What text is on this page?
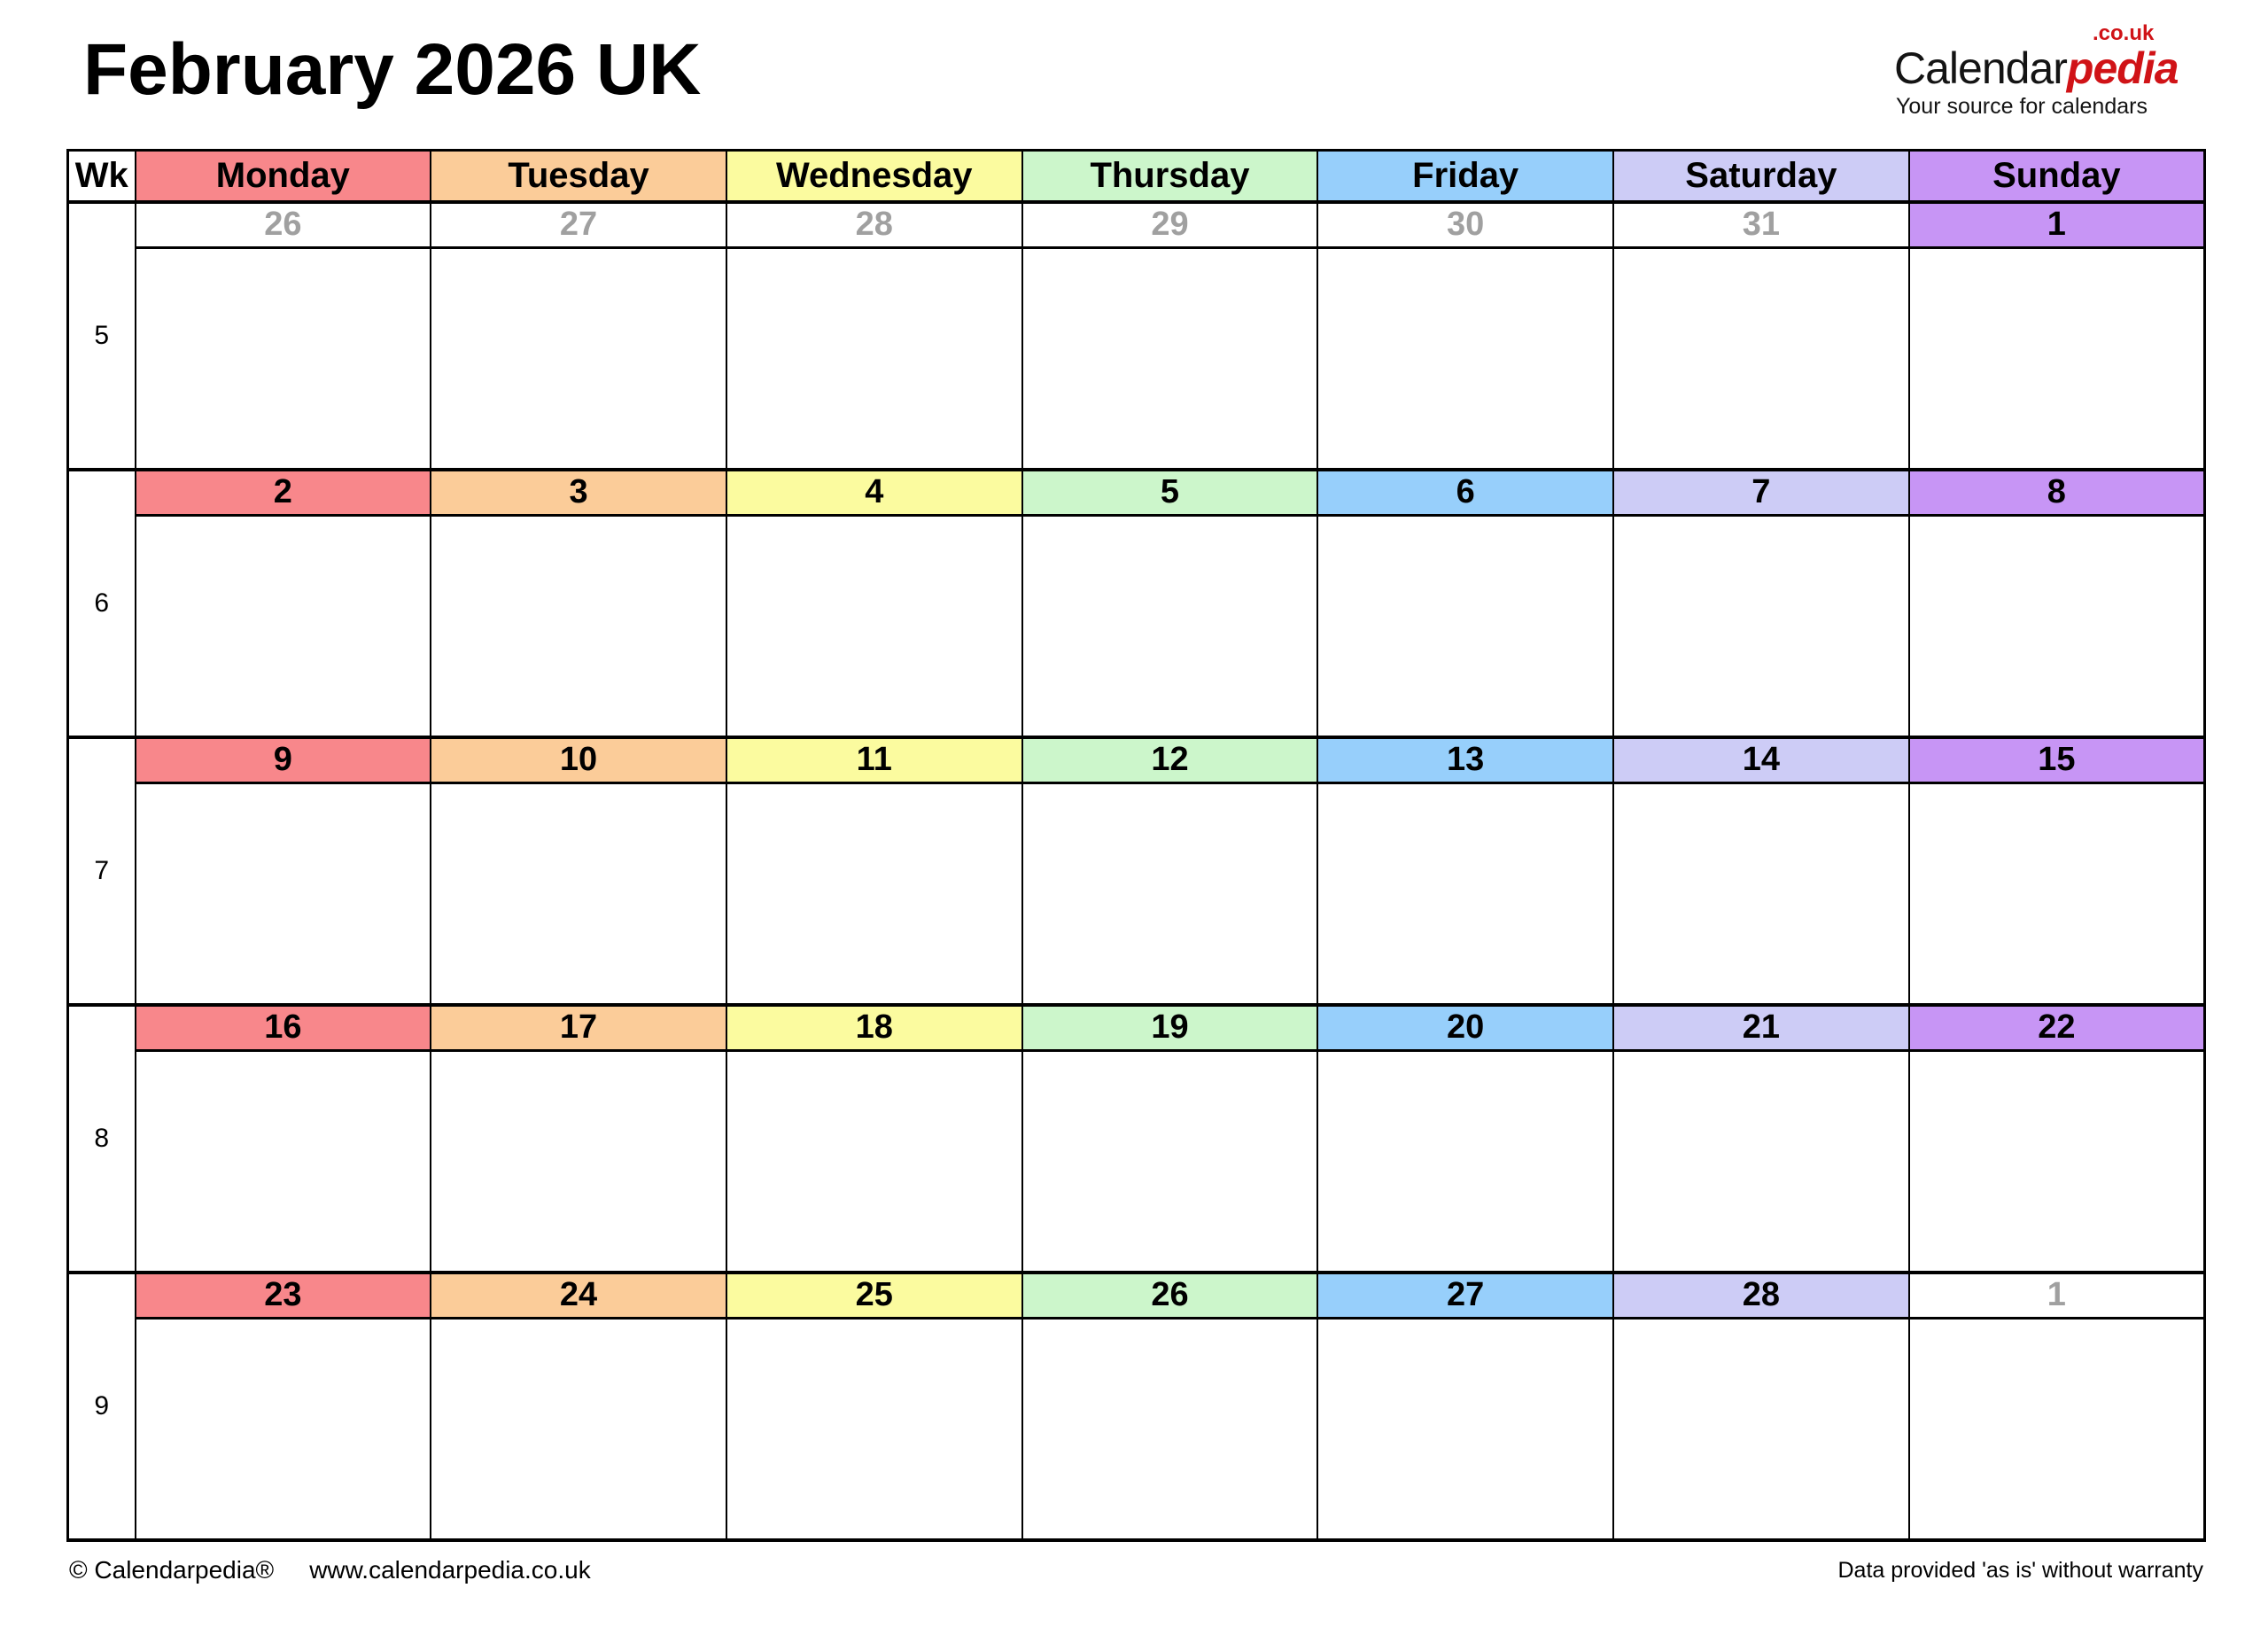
February 2026 UK	.co.uk
Calendarpedia
Your source for calendars
Wk	Monday	Tuesday	Wednesday	Thursday	Friday	Saturday	Sunday
5	26	27	28	29	30	31	1

6	2	3	4	5	6	7	8

7	9	10	11	12	13	14	15

8	16	17	18	19	20	21	22

9	23	24	25	26	27	28	1

© Calendarpedia® www.calendarpedia.co.uk	Data provided 'as is' without warranty
